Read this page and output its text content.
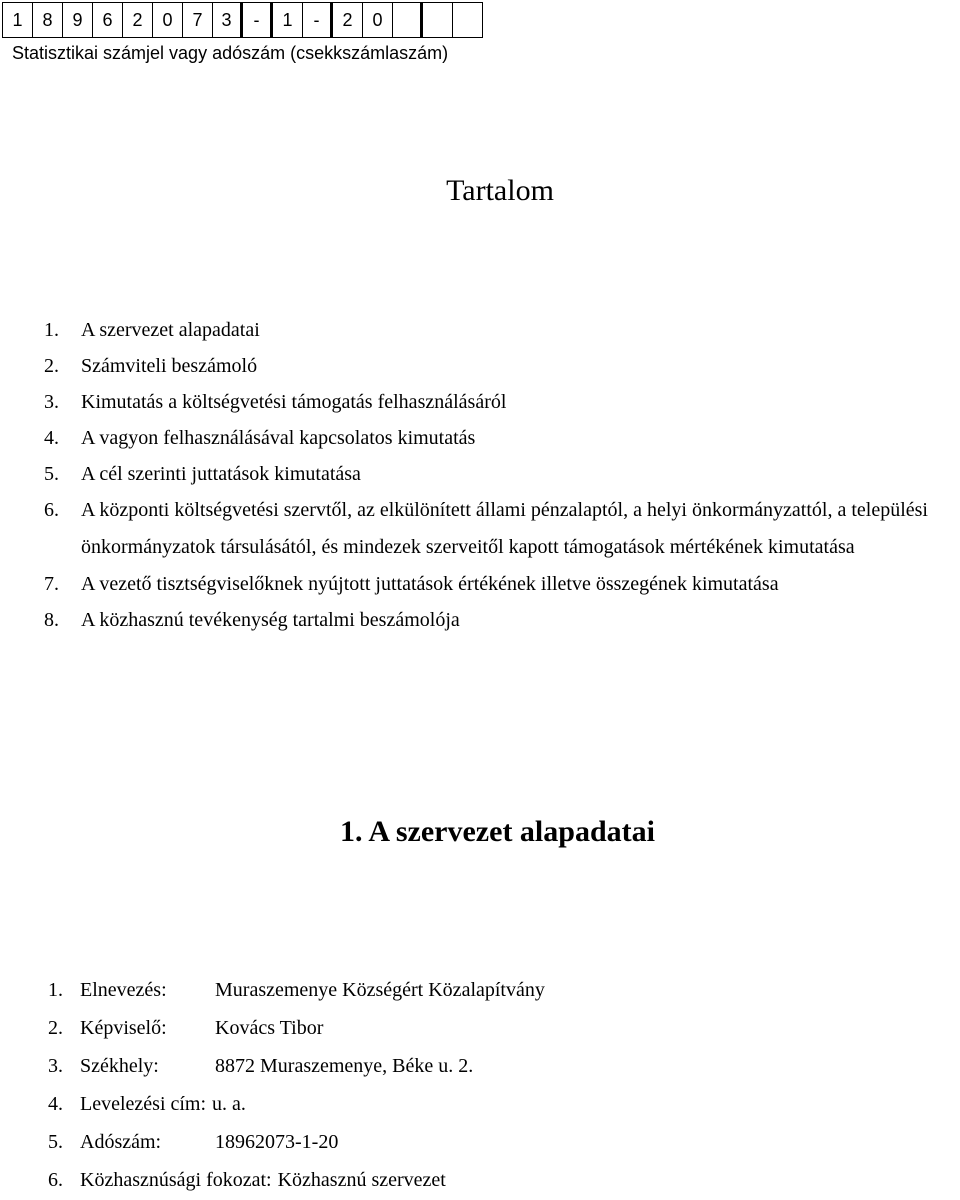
1	8	9	6	2	0	7	3	-	1	-	2	0
Statisztikai számjel vagy adószám (csekkszámlaszám)
Tartalom
1.	A szervezet alapadatai
2.	Számviteli beszámoló
3.	Kimutatás a költségvetési támogatás felhasználásáról
4.	A vagyon felhasználásával kapcsolatos kimutatás
5.	A cél szerinti juttatások kimutatása
6.	A központi költségvetési szervtől, az elkülönített állami pénzalaptól, a helyi önkormányzattól, a települési önkormányzatok társulásától, és mindezek szerveitől kapott támogatások mértékének kimutatása
7.	A vezető tisztségviselőknek nyújtott juttatások értékének illetve összegének kimutatása
8.	A közhasznú tevékenység tartalmi beszámolója
1. A szervezet alapadatai
1. Elnevezés:	Muraszemenye Községért Közalapítvány
2. Képviselő:	Kovács Tibor
3. Székhely:	8872 Muraszemenye, Béke u. 2.
4. Levelezési cím: u. a.
5. Adószám:	18962073-1-20
6. Közhasznúsági fokozat: Közhasznú szervezet
